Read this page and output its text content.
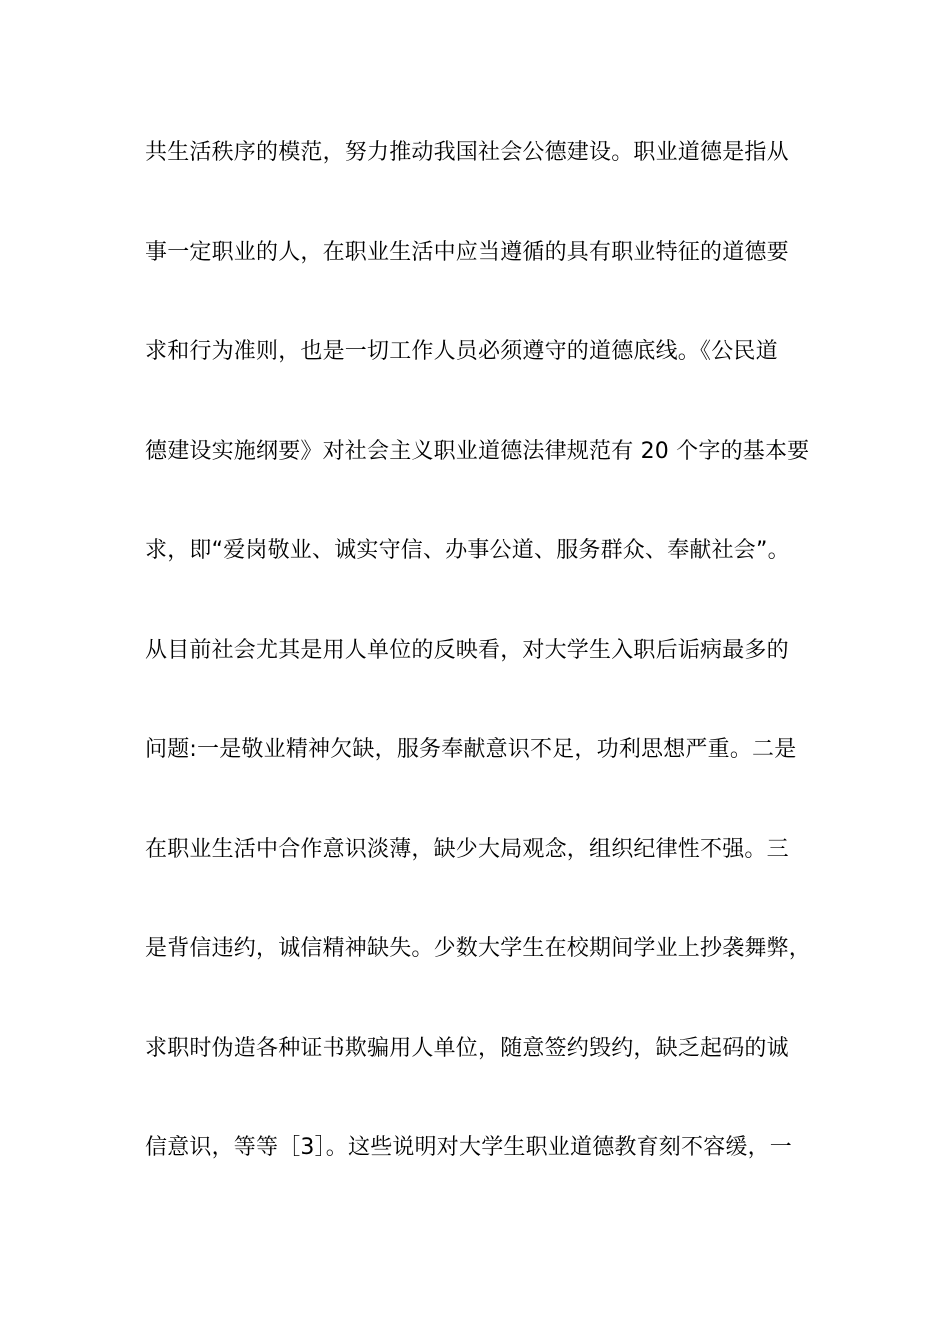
共生活秩序的模范，努力推动我国社会公德建设。职业道德是指从
事一定职业的人，在职业生活中应当遵循的具有职业特征的道德要
求和行为准则，也是一切工作人员必须遵守的道德底线。《公民道
德建设实施纲要》对社会主义职业道德法律规范有 20 个字的基本要
求，即“爱岗敬业、诚实守信、办事公道、服务群众、奉献社会”。
从目前社会尤其是用人单位的反映看，对大学生入职后诟病最多的
问题:一是敬业精神欠缺，服务奉献意识不足，功利思想严重。二是
在职业生活中合作意识淡薄，缺少大局观念，组织纪律性不强。三
是背信违约，诚信精神缺失。少数大学生在校期间学业上抄袭舞弊，
求职时伪造各种证书欺骗用人单位，随意签约毁约，缺乏起码的诚
信意识，等等［3］。这些说明对大学生职业道德教育刻不容缓，一
